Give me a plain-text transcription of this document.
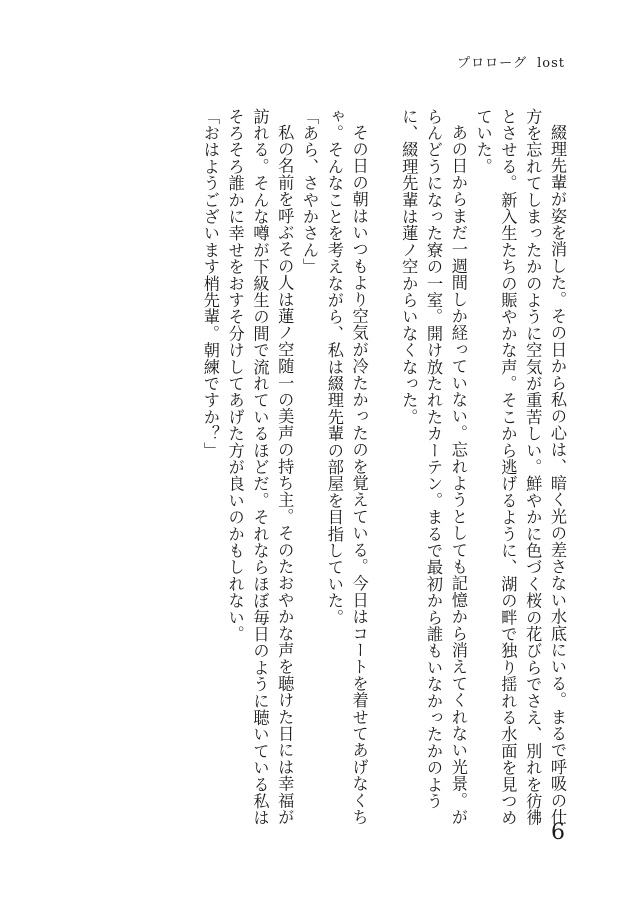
プロローグ lost

綴理先輩が姿を消した。その日から私の心は、暗く光の差さない水底にいる。まるで呼吸の仕方を忘れてしまったかのように空気が重苦しい。鮮やかに色づく桜の花びらでさえ、別れを彷彿とさせる。新入生たちの賑やかな声。そこから逃げるように、湖の畔で独り揺れる水面を見つめていた。

あの日からまだ一週間しか経っていない。忘れようとしても記憶から消えてくれない光景。がらんどうになった寮の一室。開け放たれたカーテン。まるで最初から誰もいなかったかのように、綴理先輩は蓮ノ空からいなくなった。

その日の朝はいつもより空気が冷たかったのを覚えている。今日はコートを着せてあげなくちゃ。そんなことを考えながら、私は綴理先輩の部屋を目指していた。

「あら、さやかさん」

私の名前を呼ぶその人は蓮ノ空随一の美声の持ち主。そのたおやかな声を聴けた日には幸福が訪れる。そんな噂が下級生の間で流れているほどだ。それならほぼ毎日のように聴いている私はそろそろ誰かに幸せをおすそ分けしてあげた方が良いのかもしれない。

「おはようございます梢先輩。朝練ですか？」

6
